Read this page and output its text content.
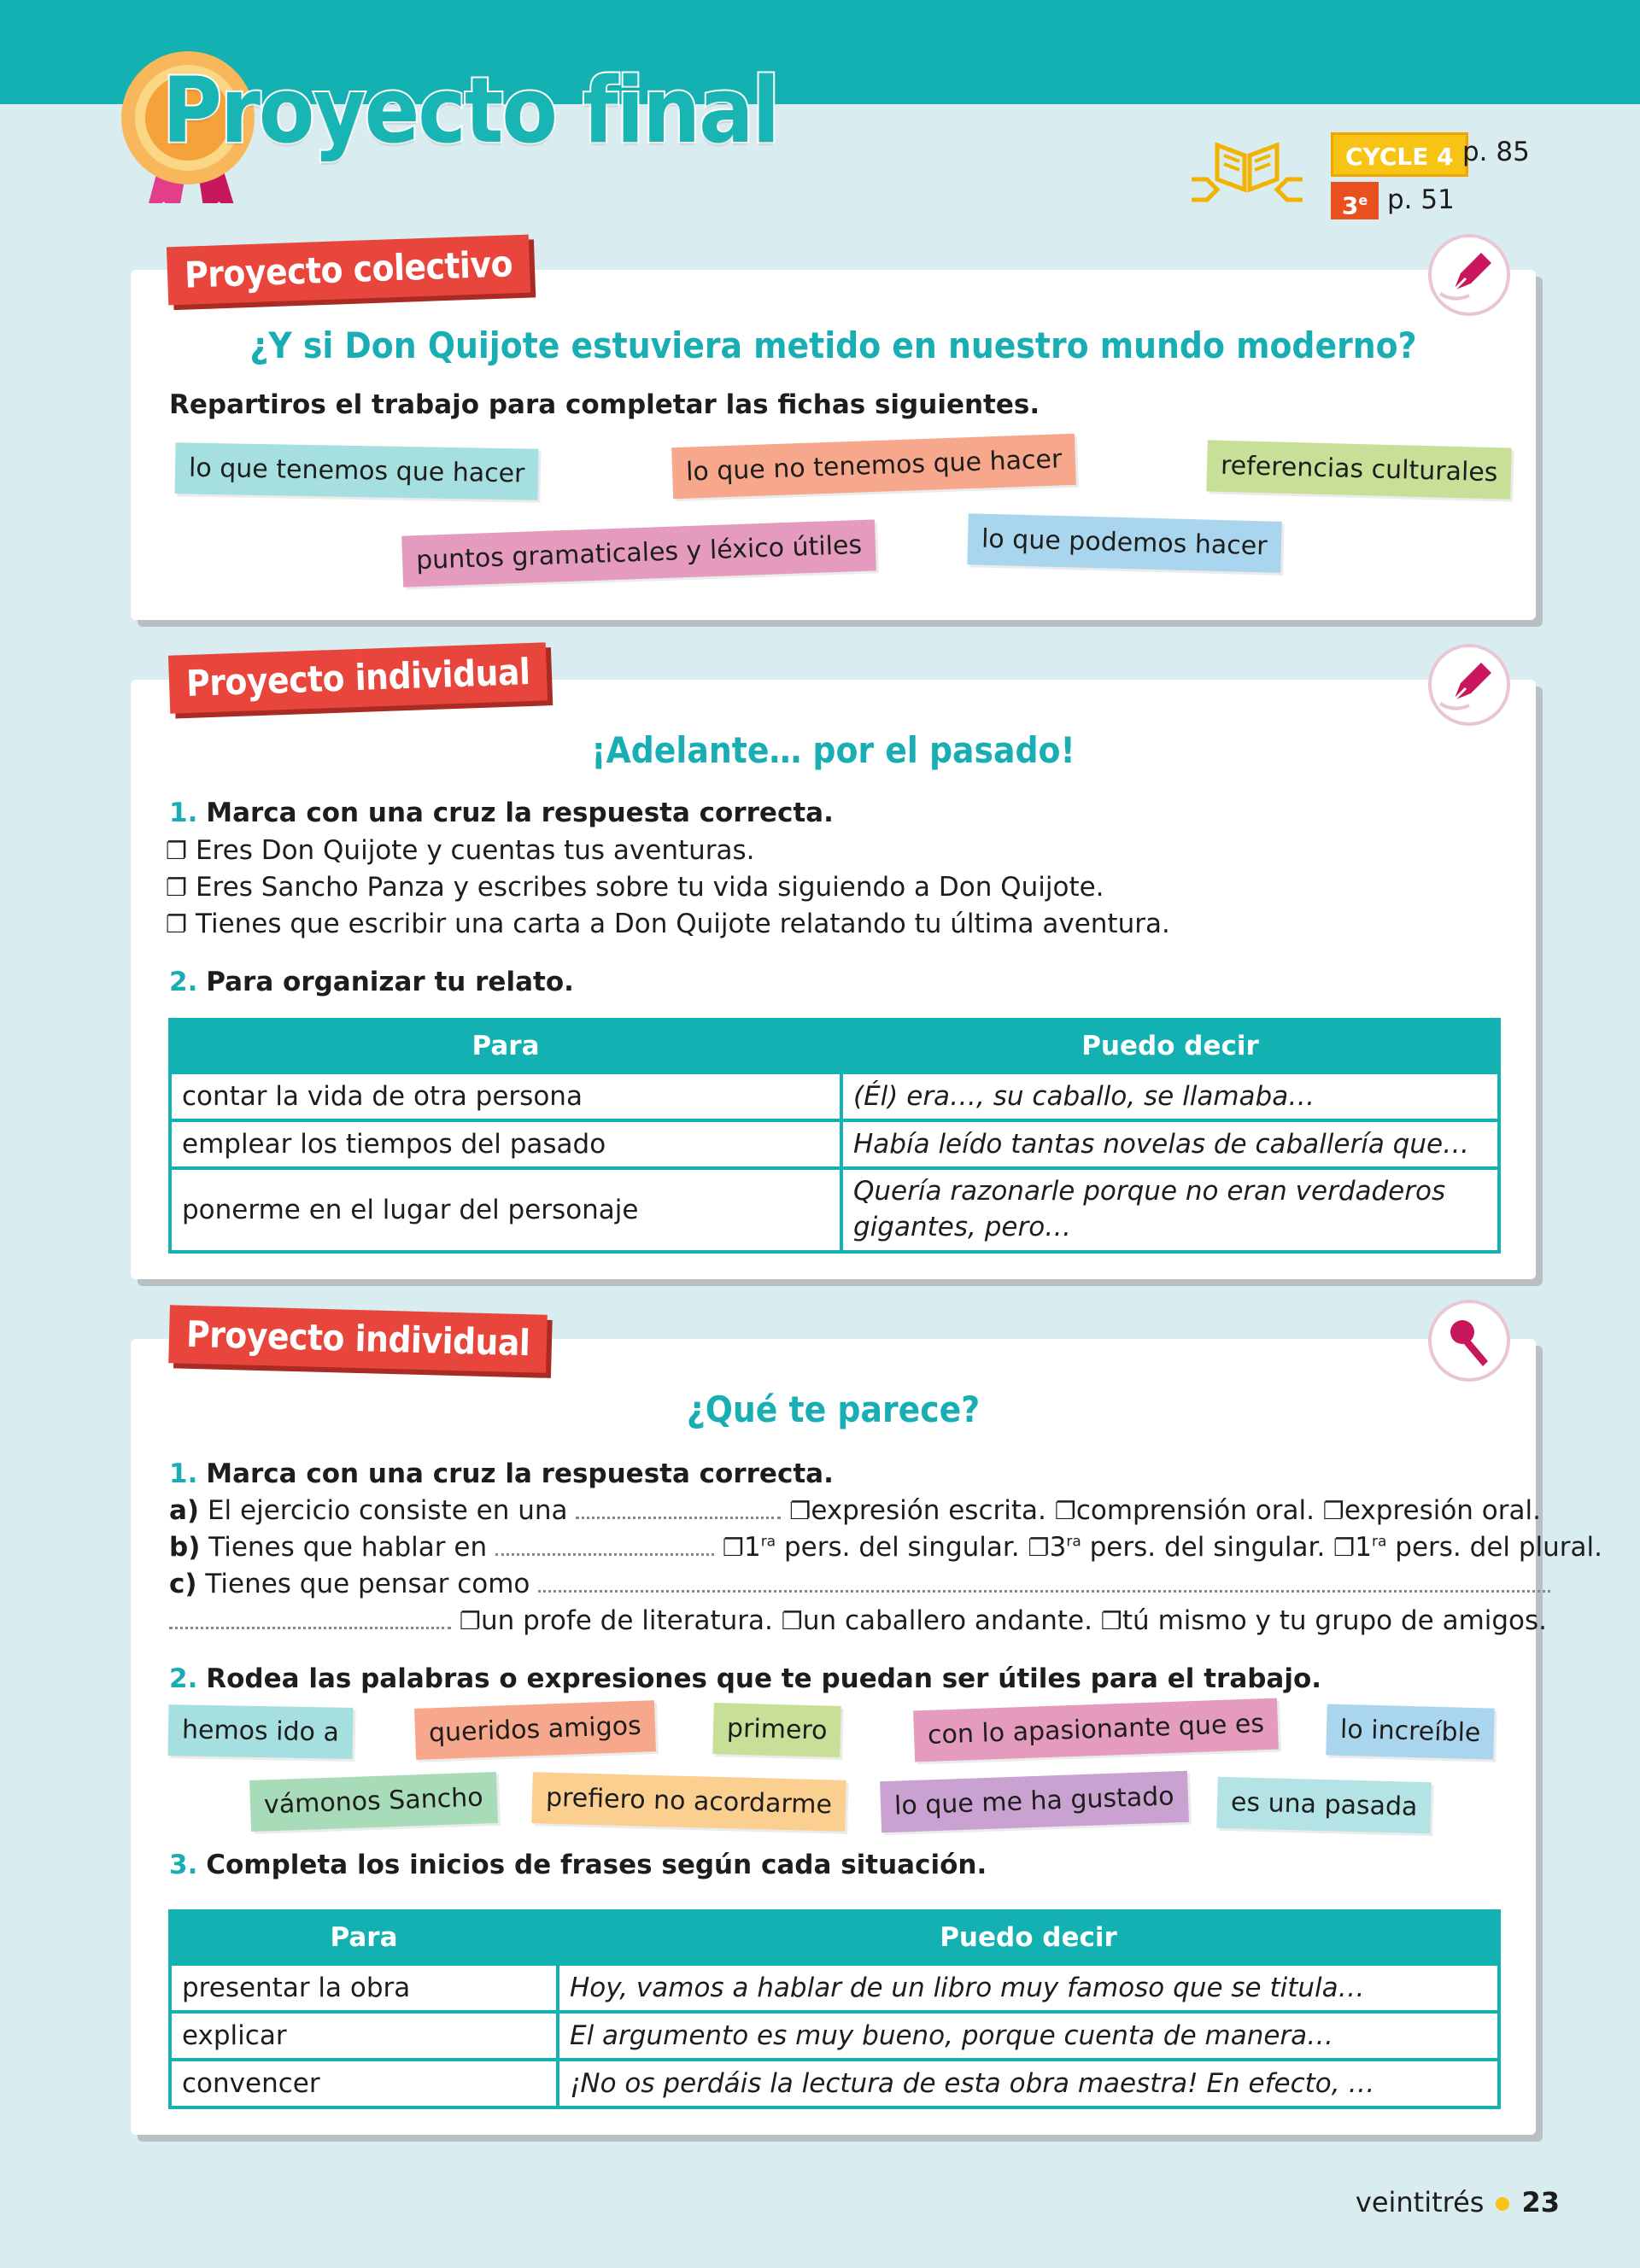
Proyecto final	CYCLE 4
3e
p. 85
p. 51
¿Y si Don Quijote estuviera metido en nuestro mundo moderno?
Repartiros el trabajo para completar las fichas siguientes.
lo que tenemos que hacer	lo que no tenemos que hacer	referencias culturales
puntos gramaticales y léxico útiles	lo que podemos hacer
Proyecto colectivo
¡Adelante… por el pasado!
1. Marca con una cruz la respuesta correcta.
❐ Eres Don Quijote y cuentas tus aventuras.
❐ Eres Sancho Panza y escribes sobre tu vida siguiendo a Don Quijote.
❐ Tienes que escribir una carta a Don Quijote relatando tu última aventura.
2. Para organizar tu relato.
Para	Puedo decir
contar la vida de otra persona	(Él) era…, su caballo, se llamaba…
emplear los tiempos del pasado	Había leído tantas novelas de caballería que…
ponerme en el lugar del personaje	Quería razonarle porque no eran verdaderos gigantes, pero…
Proyecto individual
¿Qué te parece?
1. Marca con una cruz la respuesta correcta.
a) El ejercicio consiste en una	❐expresión escrita. ❐comprensión oral. ❐expresión oral.
b) Tienes que hablar en	$❐1^{ra}$ pers. del singular. $❐3^{ra}$ pers. del singular. $❐1^{ra}$ pers. del plural.
c) Tienes que pensar como
❐un profe de literatura. ❐un caballero andante. ❐tú mismo y tu grupo de amigos.
2. Rodea las palabras o expresiones que te puedan ser útiles para el trabajo.
hemos ido a	queridos amigos	primero	con lo apasionante que es	lo increíble
vámonos Sancho	prefiero no acordarme	lo que me ha gustado	es una pasada
3. Completa los inicios de frases según cada situación.
Para	Puedo decir
presentar la obra	Hoy, vamos a hablar de un libro muy famoso que se titula…
explicar	El argumento es muy bueno, porque cuenta de manera…
convencer	¡No os perdáis la lectura de esta obra maestra! En efecto, …
Proyecto individual
veintitrés 23
